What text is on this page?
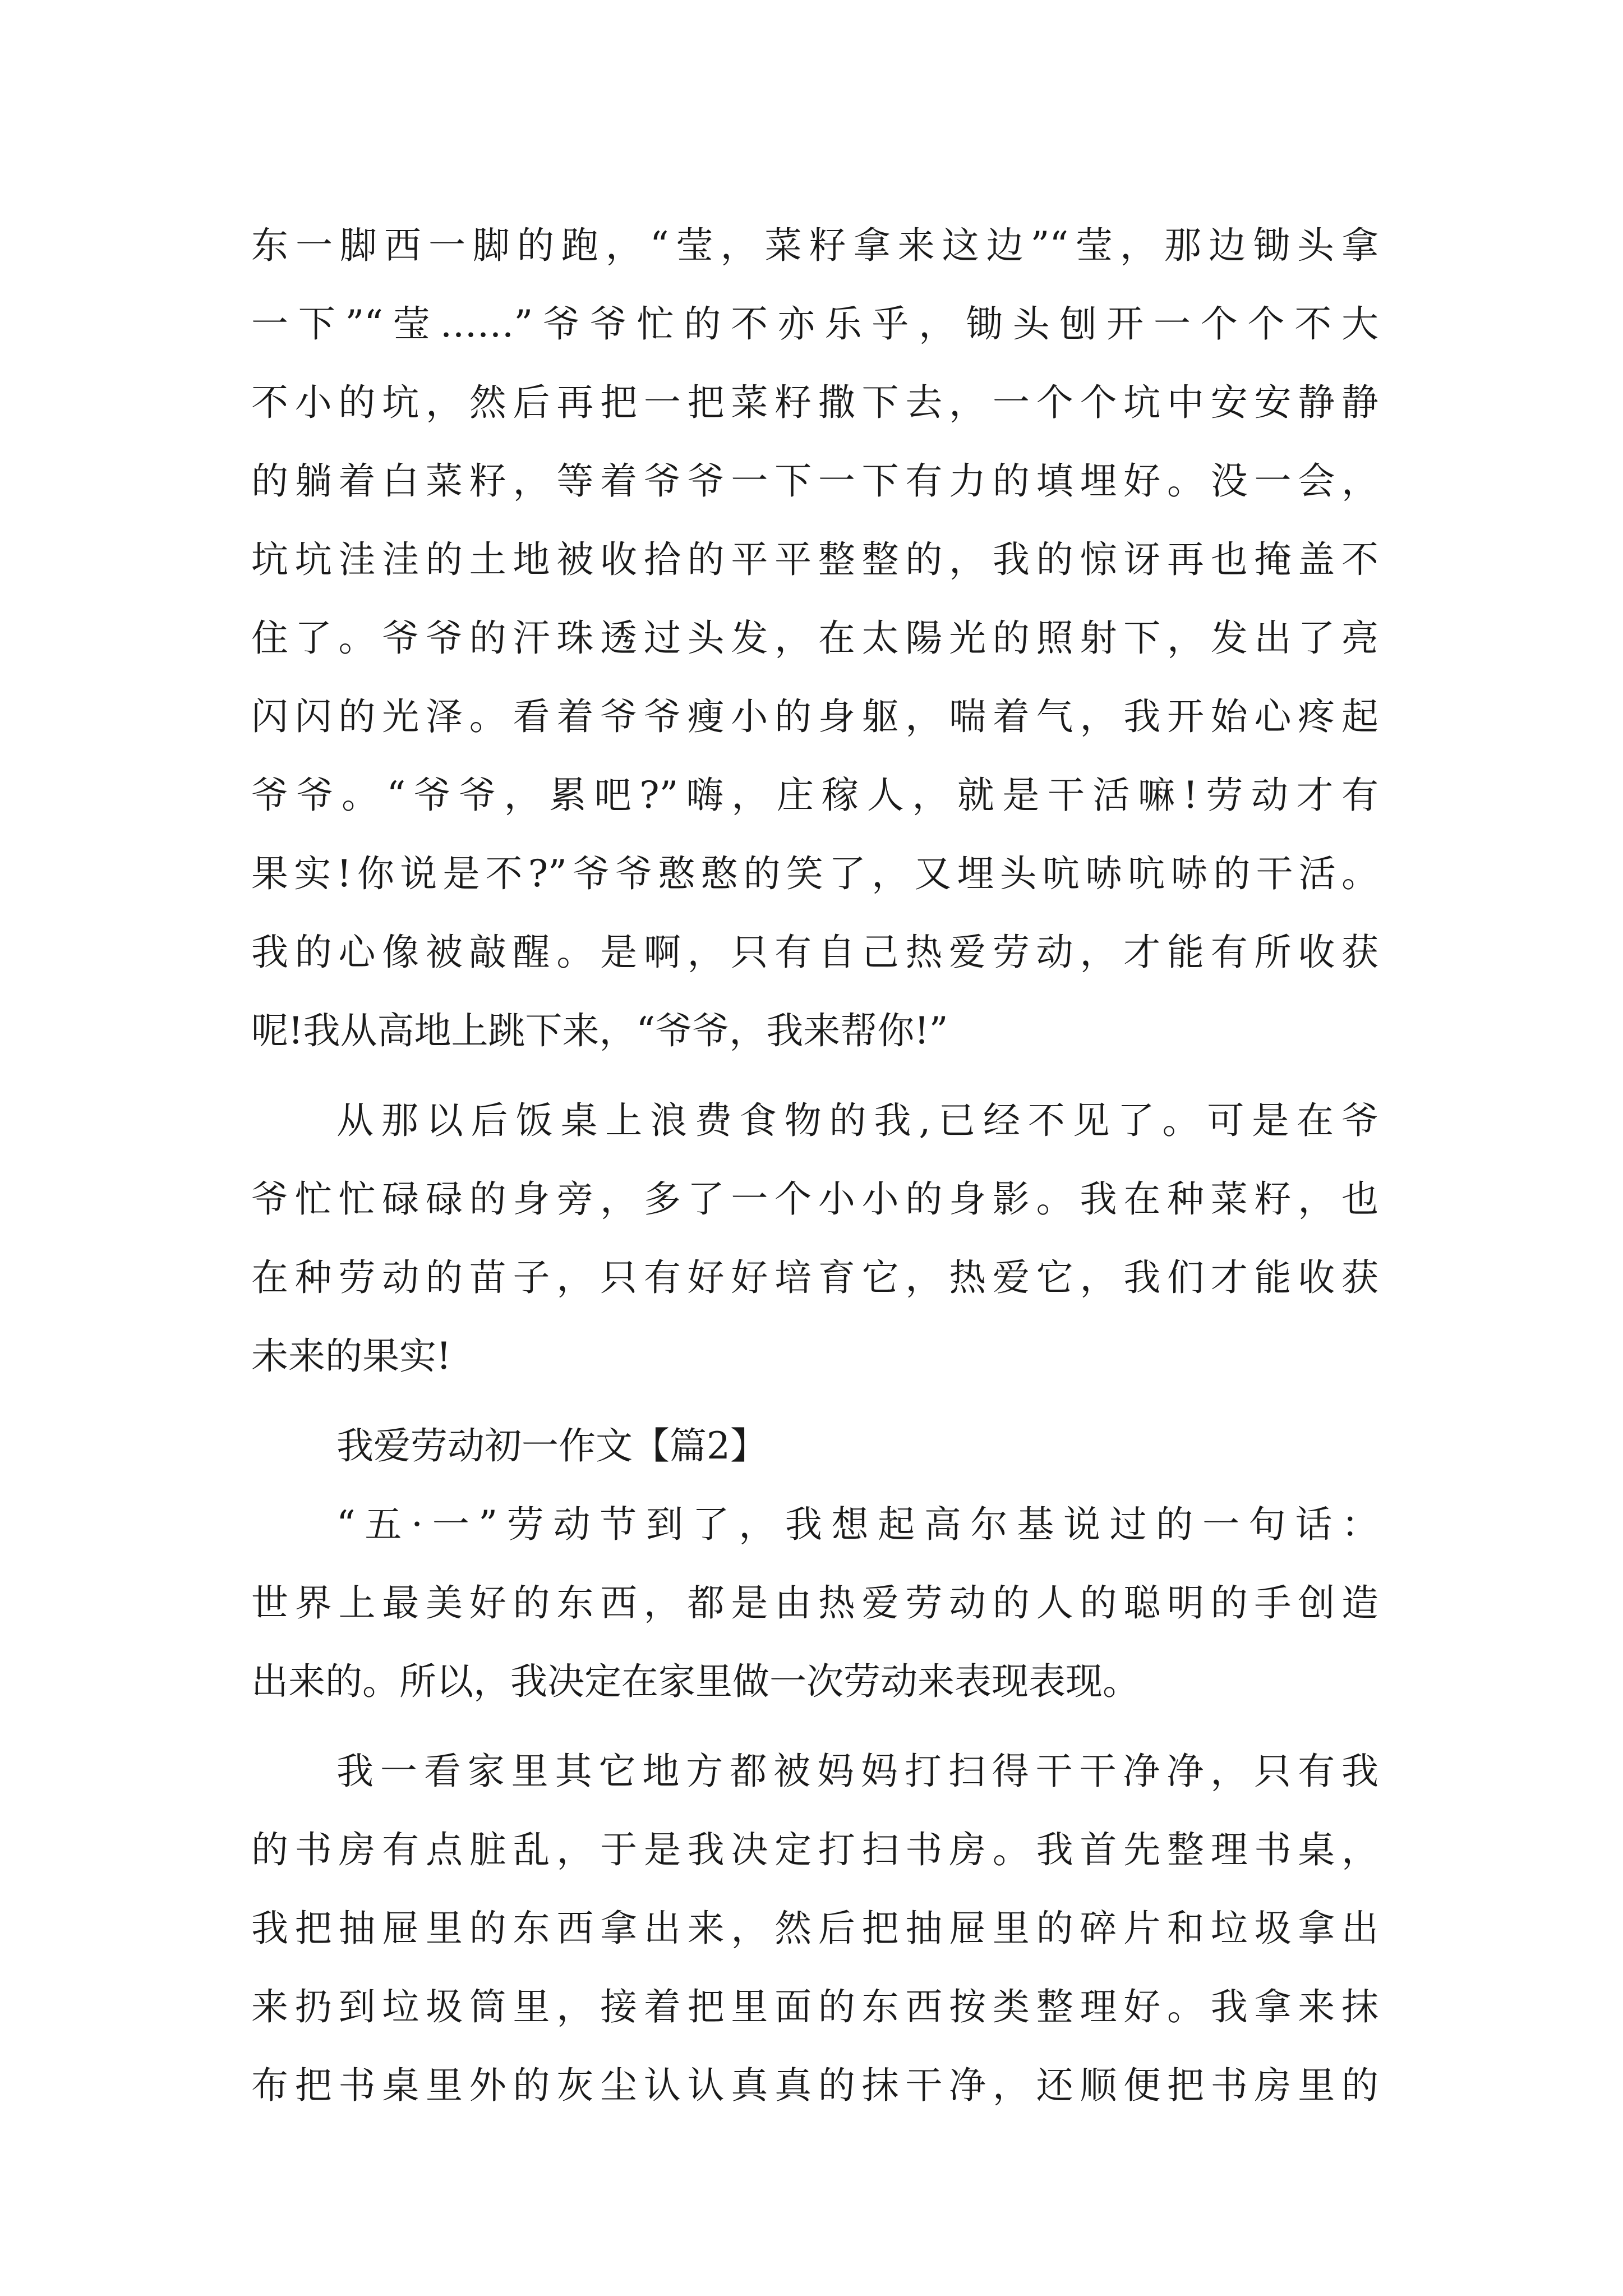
东一脚西一脚的跑，“莹，菜籽拿来这边”“莹，那边锄头拿
一下”“莹……”爷爷忙的不亦乐乎，锄头刨开一个个不大
不小的坑，然后再把一把菜籽撒下去，一个个坑中安安静静
的躺着白菜籽，等着爷爷一下一下有力的填埋好。没一会，
坑坑洼洼的土地被收拾的平平整整的，我的惊讶再也掩盖不
住了。爷爷的汗珠透过头发，在太陽光的照射下，发出了亮
闪闪的光泽。看着爷爷瘦小的身躯，喘着气，我开始心疼起
爷爷。“爷爷，累吧?”嗨，庄稼人，就是干活嘛!劳动才有
果实!你说是不?”爷爷憨憨的笑了，又埋头吭哧吭哧的干活。
我的心像被敲醒。是啊，只有自己热爱劳动，才能有所收获
呢!我从高地上跳下来，“爷爷，我来帮你!”
从那以后饭桌上浪费食物的我,已经不见了。可是在爷
爷忙忙碌碌的身旁，多了一个小小的身影。我在种菜籽，也
在种劳动的苗子，只有好好培育它，热爱它，我们才能收获
未来的果实!
我爱劳动初一作文【篇2】
“五·一”劳动节到了，我想起高尔基说过的一句话：
世界上最美好的东西，都是由热爱劳动的人的聪明的手创造
出来的。所以，我决定在家里做一次劳动来表现表现。
我一看家里其它地方都被妈妈打扫得干干净净，只有我
的书房有点脏乱，于是我决定打扫书房。我首先整理书桌，
我把抽屉里的东西拿出来，然后把抽屉里的碎片和垃圾拿出
来扔到垃圾筒里，接着把里面的东西按类整理好。我拿来抹
布把书桌里外的灰尘认认真真的抹干净，还顺便把书房里的
